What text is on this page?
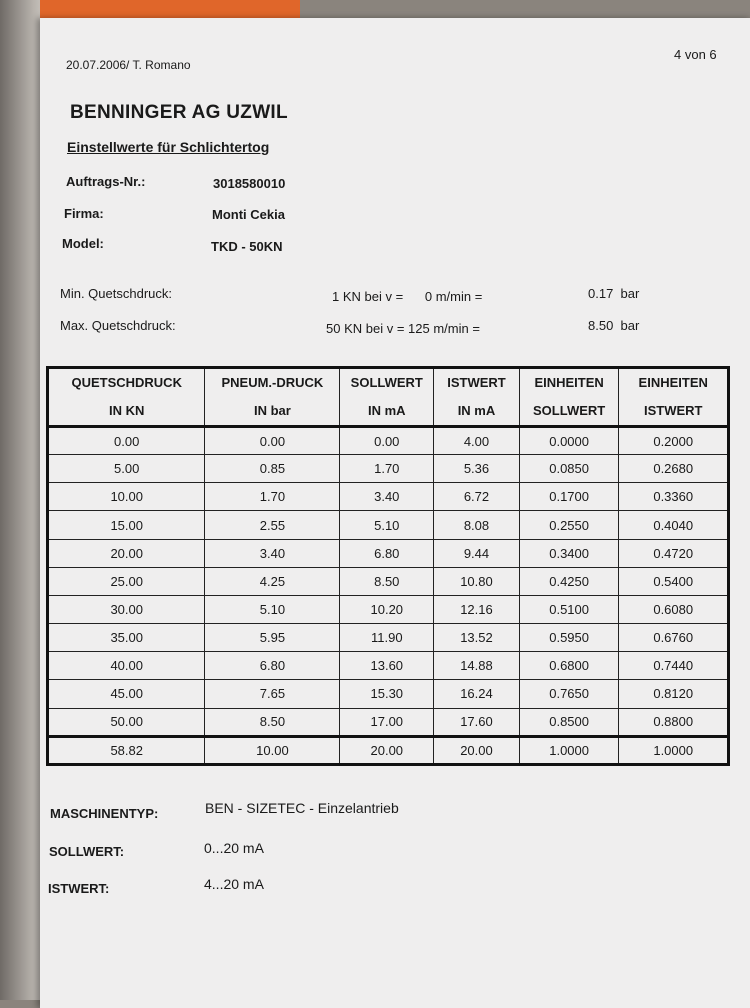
20.07.2006/ T. Romano
4 von 6
BENNINGER AG UZWIL
Einstellwerte für Schlichtertog
Auftrags-Nr.:	3018580010
Firma:	Monti Cekia
Model:	TKD - 50KN
Min. Quetschdruck:	1 KN bei v =      0 m/min =	0.17  bar
Max. Quetschdruck:	50 KN bei v = 125 m/min =	8.50  bar
QUETSCHDRUCK	PNEUM.-DRUCK	SOLLWERT	ISTWERT	EINHEITEN	EINHEITEN
IN KN	IN bar	IN mA	IN mA	SOLLWERT	ISTWERT
0.00	0.00	0.00	4.00	0.0000	0.2000
5.00	0.85	1.70	5.36	0.0850	0.2680
10.00	1.70	3.40	6.72	0.1700	0.3360
15.00	2.55	5.10	8.08	0.2550	0.4040
20.00	3.40	6.80	9.44	0.3400	0.4720
25.00	4.25	8.50	10.80	0.4250	0.5400
30.00	5.10	10.20	12.16	0.5100	0.6080
35.00	5.95	11.90	13.52	0.5950	0.6760
40.00	6.80	13.60	14.88	0.6800	0.7440
45.00	7.65	15.30	16.24	0.7650	0.8120
50.00	8.50	17.00	17.60	0.8500	0.8800
58.82	10.00	20.00	20.00	1.0000	1.0000
MASCHINENTYP:	BEN - SIZETEC - Einzelantrieb
SOLLWERT:	0...20 mA
ISTWERT:	4...20 mA
